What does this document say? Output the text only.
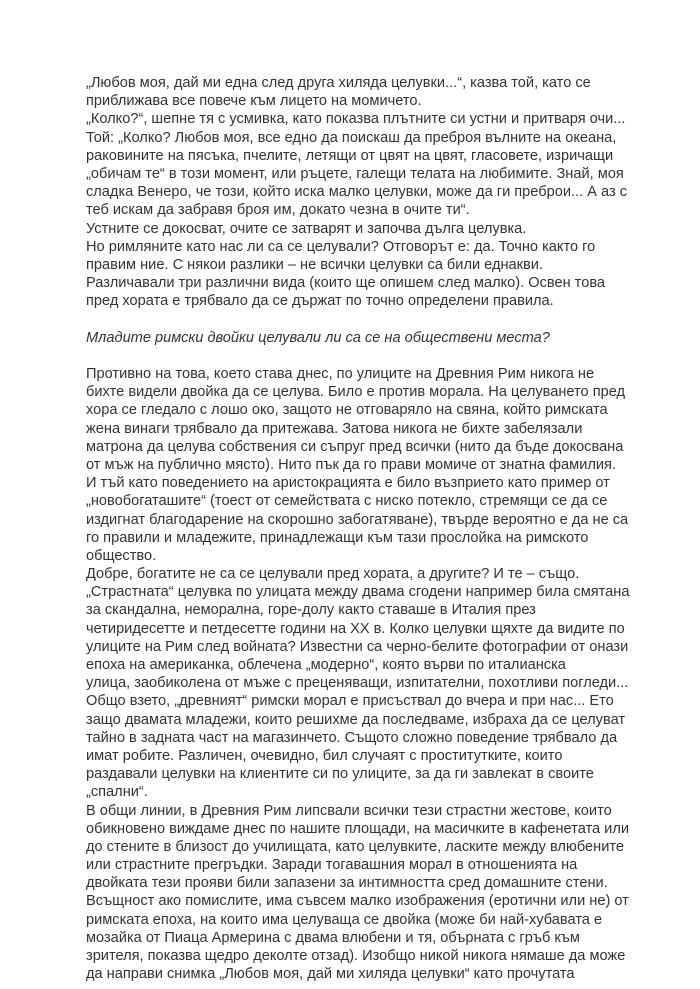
„Любов моя, дай ми една след друга хиляда целувки...“, казва той, като се
приближава все повече към лицето на момичето.
„Колко?“, шепне тя с усмивка, като показва плътните си устни и притваря очи...
Той: „Колко? Любов моя, все едно да поискаш да преброя вълните на океана,
раковините на пясъка, пчелите, летящи от цвят на цвят, гласовете, изричащи
„обичам те“ в този момент, или ръцете, галещи телата на любимите. Знай, моя
сладка Венеро, че този, който иска малко целувки, може да ги преброи... А аз с
теб искам да забравя броя им, докато чезна в очите ти“.
Устните се докосват, очите се затварят и започва дълга целувка.
Но римляните като нас ли са се целували? Отговорът е: да. Точно както го
правим ние. С някои разлики – не всички целувки са били еднакви.
Различавали три различни вида (които ще опишем след малко). Освен това
пред хората е трябвало да се държат по точно определени правила.
Младите римски двойки целували ли са се на обществени места?
Противно на това, което става днес, по улиците на Древния Рим никога не
бихте видели двойка да се целува. Било е против морала. На целуването пред
хора се гледало с лошо око, защото не отговаряло на свяна, който римската
жена винаги трябвало да притежава. Затова никога не бихте забелязали
матрона да целува собствения си съпруг пред всички (нито да бъде докосвана
от мъж на публично място). Нито пък да го прави момиче от знатна фамилия.
И тъй като поведението на аристокрацията е било възприето като пример от
„новобогаташите“ (тоест от семействата с ниско потекло, стремящи се да се
издигнат благодарение на скорошно забогатяване), твърде вероятно е да не са
го правили и младежите, принадлежащи към тази прослойка на римското
общество.
Добре, богатите не са се целували пред хората, а другите? И те – също.
„Страстната“ целувка по улицата между двама сгодени например била смятана
за скандална, неморална, горе-долу както ставаше в Италия през
четиридесетте и петдесетте години на XX в. Колко целувки щяхте да видите по
улиците на Рим след войната? Известни са черно-белите фотографии от онази
епоха на американка, облечена „модерно“, която върви по италианска
улица, заобиколена от мъже с преценяващи, изпитателни, похотливи погледи...
Общо взето, „древният“ римски морал е присъствал до вчера и при нас... Ето
защо двамата младежи, които решихме да последваме, избраха да се целуват
тайно в задната част на магазинчето. Същото сложно поведение трябвало да
имат робите. Различен, очевидно, бил случаят с проститутките, които
раздавали целувки на клиентите си по улиците, за да ги завлекат в своите
„спални“.
В общи линии, в Древния Рим липсвали всички тези страстни жестове, които
обикновено виждаме днес по нашите площади, на масичките в кафенетата или
до стените в близост до училищата, като целувките, ласките между влюбените
или страстните прегръдки. Заради тогавашния морал в отношенията на
двойката тези прояви били запазени за интимността сред домашните стени.
Всъщност ако помислите, има съвсем малко изображения (еротични или не) от
римската епоха, на които има целуваща се двойка (може би най-хубавата е
мозайка от Пиаца Армерина с двама влюбени и тя, обърната с гръб към
зрителя, показва щедро деколте отзад). Изобщо никой никога нямаше да може
да направи снимка „Любов моя, дай ми хиляда целувки“ като прочутата
